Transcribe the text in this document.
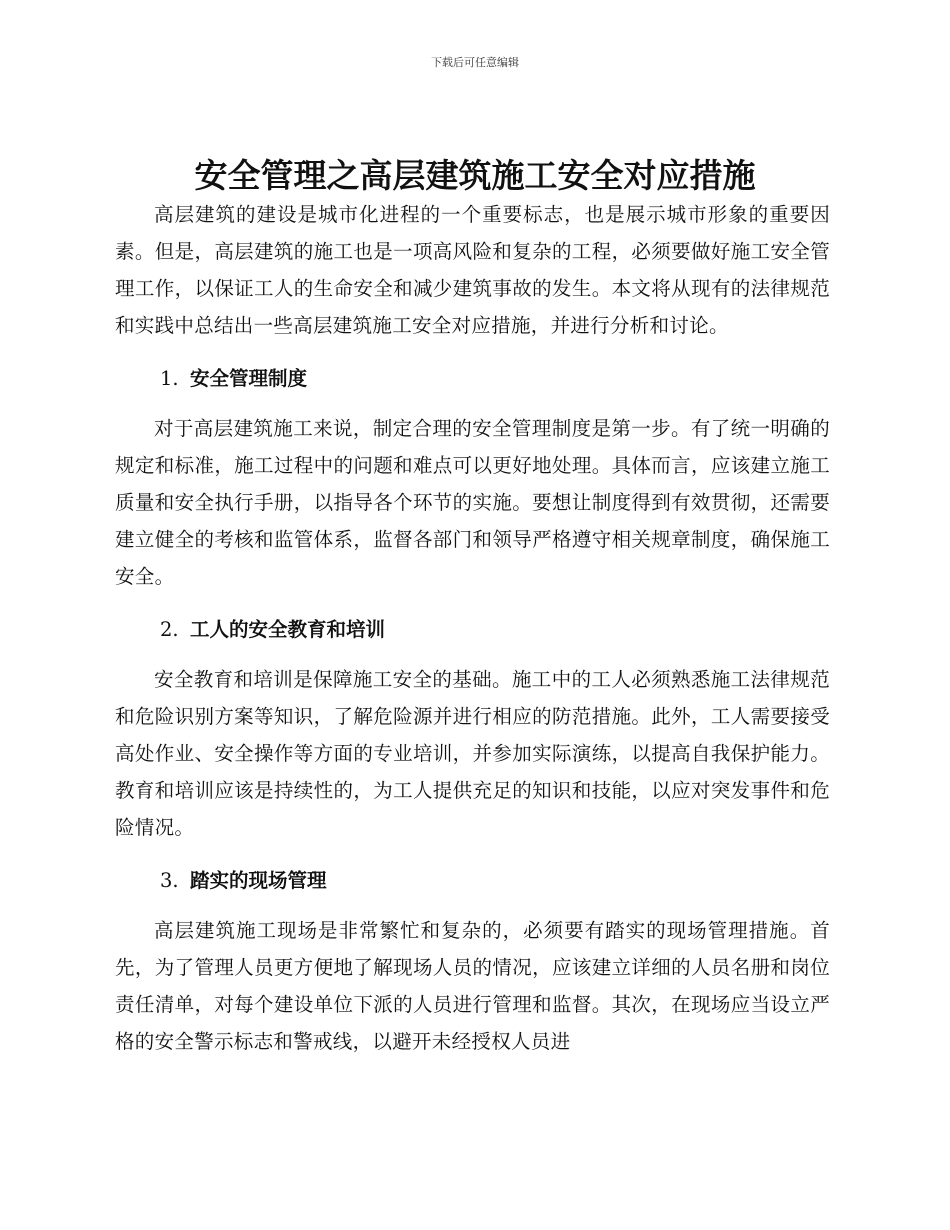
下载后可任意编辑
安全管理之高层建筑施工安全对应措施

高层建筑的建设是城市化进程的一个重要标志，也是展示城市形象的重要因素。但是，高层建筑的施工也是一项高风险和复杂的工程，必须要做好施工安全管理工作，以保证工人的生命安全和减少建筑事故的发生。本文将从现有的法律规范和实践中总结出一些高层建筑施工安全对应措施，并进行分析和讨论。

1. 安全管理制度

对于高层建筑施工来说，制定合理的安全管理制度是第一步。有了统一明确的规定和标准，施工过程中的问题和难点可以更好地处理。具体而言，应该建立施工质量和安全执行手册，以指导各个环节的实施。要想让制度得到有效贯彻，还需要建立健全的考核和监管体系，监督各部门和领导严格遵守相关规章制度，确保施工安全。

2. 工人的安全教育和培训

安全教育和培训是保障施工安全的基础。施工中的工人必须熟悉施工法律规范和危险识别方案等知识，了解危险源并进行相应的防范措施。此外，工人需要接受高处作业、安全操作等方面的专业培训，并参加实际演练，以提高自我保护能力。教育和培训应该是持续性的，为工人提供充足的知识和技能，以应对突发事件和危险情况。

3. 踏实的现场管理

高层建筑施工现场是非常繁忙和复杂的，必须要有踏实的现场管理措施。首先，为了管理人员更方便地了解现场人员的情况，应该建立详细的人员名册和岗位责任清单，对每个建设单位下派的人员进行管理和监督。其次，在现场应当设立严格的安全警示标志和警戒线，以避开未经授权人员进
